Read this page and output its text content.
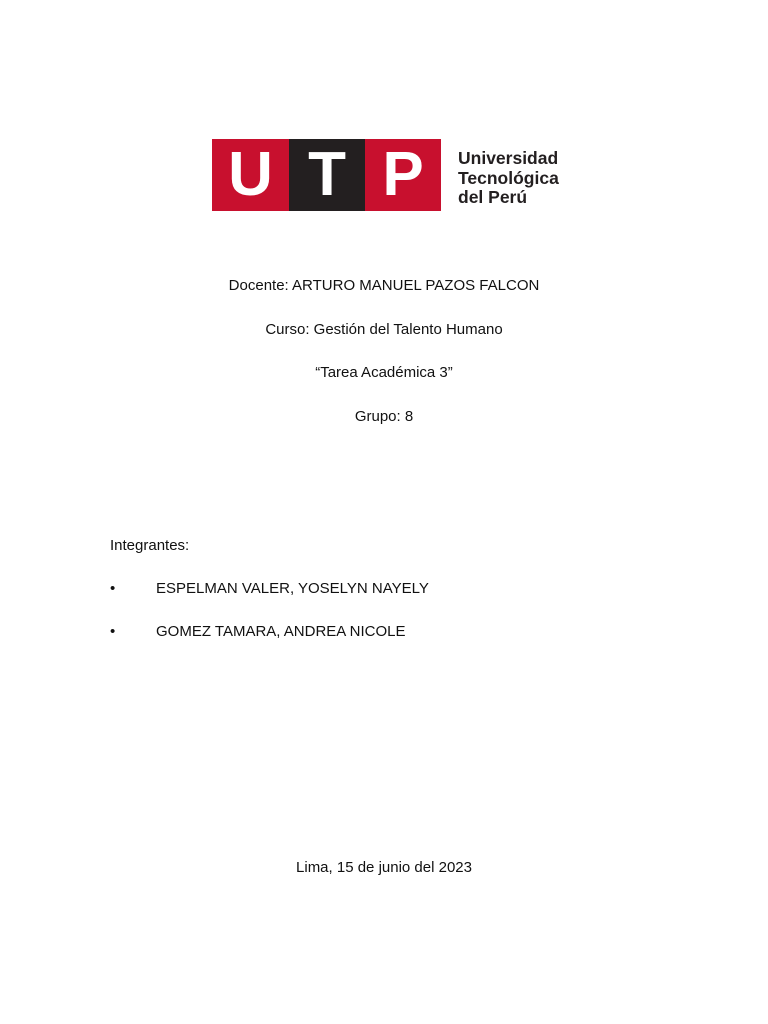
U T P Universidad
Tecnológica
del Perú
Docente: ARTURO MANUEL PAZOS FALCON
Curso: Gestión del Talento Humano
“Tarea Académica 3”
Grupo: 8
Integrantes:
•	ESPELMAN VALER, YOSELYN NAYELY
•	GOMEZ TAMARA, ANDREA NICOLE
Lima, 15 de junio del 2023
